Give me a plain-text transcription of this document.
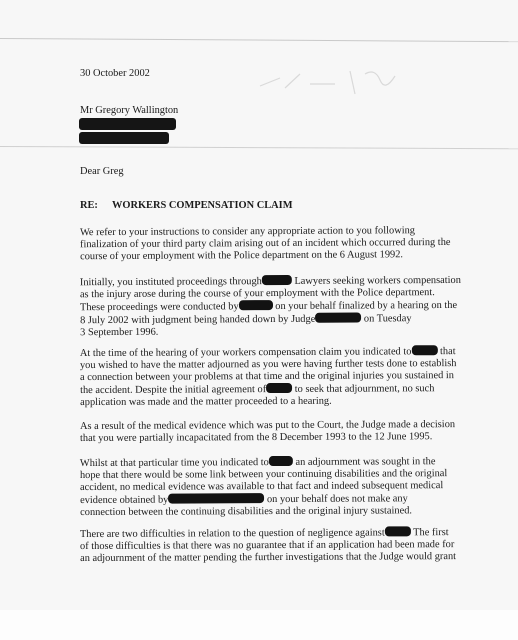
30 October 2002
Mr Gregory Wallington
Dear Greg
RE: WORKERS COMPENSATION CLAIM
We refer to your instructions to consider any appropriate action to you following
finalization of your third party claim arising out of an incident which occurred during the
course of your employment with the Police department on the 6 August 1992.
Initially, you instituted proceedings through	Lawyers seeking workers compensation
as the injury arose during the course of your employment with the Police department.
These proceedings were conducted by	on your behalf finalized by a hearing on the
8 July 2002 with judgment being handed down by Judge	on Tuesday
3 September 1996.
At the time of the hearing of your workers compensation claim you indicated to that
you wished to have the matter adjourned as you were having further tests done to establish
a connection between your problems at that time and the original injuries you sustained in
the accident. Despite the initial agreement of to seek that adjournment, no such
application was made and the matter proceeded to a hearing.
As a result of the medical evidence which was put to the Court, the Judge made a decision
that you were partially incapacitated from the 8 December 1993 to the 12 June 1995.
Whilst at that particular time you indicated to an adjournment was sought in the
hope that there would be some link between your continuing disabilities and the original
accident, no medical evidence was available to that fact and indeed subsequent medical
evidence obtained by	on your behalf does not make any
connection between the continuing disabilities and the original injury sustained.
There are two difficulties in relation to the question of negligence against The first
of those difficulties is that there was no guarantee that if an application had been made for
an adjournment of the matter pending the further investigations that the Judge would grant
